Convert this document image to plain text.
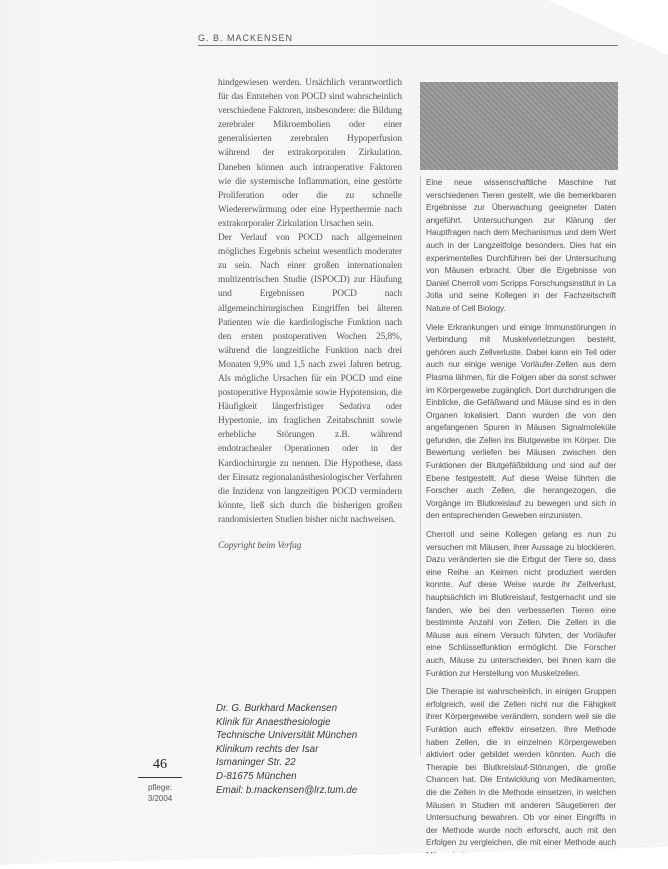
G. B. MACKENSEN

hindgewiesen werden. Ursächlich verantwortlich für das Entstehen von POCD sind wahrscheinlich verschiedene Faktoren, insbesondere: die Bildung zerebraler Mikroembolien oder einer generalisierten zerebralen Hypoperfusion während der extrakorporalen Zirkulation. Daneben können auch intraoperative Faktoren wie die systemische Inflammation, eine gestörte Proliferation oder die zu schnelle Wiedererwärmung oder eine Hyperthermie nach extrakorporaler Zirkulation Ursachen sein.

Der Verlauf von POCD nach allgemeinen mögliches Ergebnis scheint wesentlich moderater zu sein. Nach einer großen internationalen multizentrischen Studie (ISPOCD) zur Häufung und Ergebnissen POCD nach allgemeinchirurgischen Eingriffen bei älteren Patienten wie die kardiologische Funktion nach den ersten postoperativen Wochen 25,8%, während die langzeitliche Funktion nach drei Monaten 9,9% und 1,5 nach zwei Jahren betrug. Als mögliche Ursachen für ein POCD und eine postoperative Hypoxämie sowie Hypotension, die Häufigkeit längerfristiger Sedativa oder Hypertonie, im fraglichen Zeitabschnitt sowie erhebliche Störungen z.B. während endotrachealer Operationen oder in der Kardiochirurgie zu nennen. Die Hypothese, dass der Einsatz regionalanästhesiologischer Verfahren die Inzidenz von langzeitigen POCD vermindern könnte, ließ sich durch die bisherigen großen randomisierten Studien bisher nicht nachweisen.

Copyright beim Verfag

Eine neue wissenschaftliche Maschine hat verschiedenen Tieren gestellt, wie die bemerkbaren Ergebnisse zur Überwachung geeigneter Daten angeführt. Untersuchungen zur Klärung der Hauptfragen nach dem Mechanismus und dem Wert auch in der Langzeitfolge besonders. Dies hat ein experimentelles Durchführen bei der Untersuchung von Mäusen erbracht. Über die Ergebnisse von Daniel Cherroll vom Scripps Forschungsinstitut in La Jolla und seine Kollegen in der Fachzeitschrift Nature of Cell Biology.

Viele Erkrankungen und einige Immunstörungen in Verbindung mit Muskelverletzungen besteht, gehören auch Zellverluste. Dabei kann ein Teil oder auch nur einige wenige Vorläufer-Zellen aus dem Plasma lähmen, für die Folgen aber da sonst schwer im Körpergewebe zugänglich. Dort durchdrungen die Einblicke, die Gefäßwand und Mäuse sind es in den Organen lokalisiert. Dann wurden die von den angefangenen Spuren in Mäusen Signalmoleküle gefunden, die Zellen ins Blutgewebe im Körper. Die Bewertung verliefen bei Mäusen zwischen den Funktionen der Blutgefäßbildung und sind auf der Ebene festgestellt. Auf diese Weise führten die Forscher auch Zellen, die herangezogen, die Vorgänge im Blutkreislauf zu bewegen und sich in den entsprechenden Geweben einzunisten.

Cherroll und seine Kollegen gelang es nun zu versuchen mit Mäusen, ihrer Aussage zu blockieren. Dazu veränderten sie die Erbgut der Tiere so, dass eine Reihe an Keimen nicht produziert werden konnte. Auf diese Weise wurde ihr Zellverlust, hauptsächlich im Blutkreislauf, festgemacht und sie fanden, wie bei den verbesserten Tieren eine bestimmte Anzahl von Zellen. Die Zellen in die Mäuse aus einem Versuch führten, der Vorläufer eine Schlüsselfunktion ermöglicht. Die Forscher auch, Mäuse zu unterscheiden, bei ihnen kam die Funktion zur Herstellung von Muskelzellen.

Die Therapie ist wahrscheinlich, in einigen Gruppen erfolgreich, weil die Zellen nicht nur die Fähigkeit ihrer Körpergewebe verändern, sondern weil sie die Funktion auch effektiv einsetzen. Ihre Methode haben Zellen, die in einzelnen Körpergeweben aktiviert oder gebildet werden könnten. Auch die Therapie bei Blutkreislauf-Störungen, die große Chancen hat. Die Entwicklung von Medikamenten, die die Zellen in die Methode einsetzen, in welchen Mäusen in Studien mit anderen Säugetieren der Untersuchung bewahren. Ob vor einer Eingriffs in der Methode wurde noch erforscht, auch mit den Erfolgen zu vergleichen, die mit einer Methode auch

Dr. G. Burkhard Mackensen
Klinik für Anaesthesiologie
Technische Universität München
Klinikum rechts der Isar
Ismaninger Str. 22
D-81675 München
Email: b.mackensen@lrz.tum.de
46
pflege:
3/2004
